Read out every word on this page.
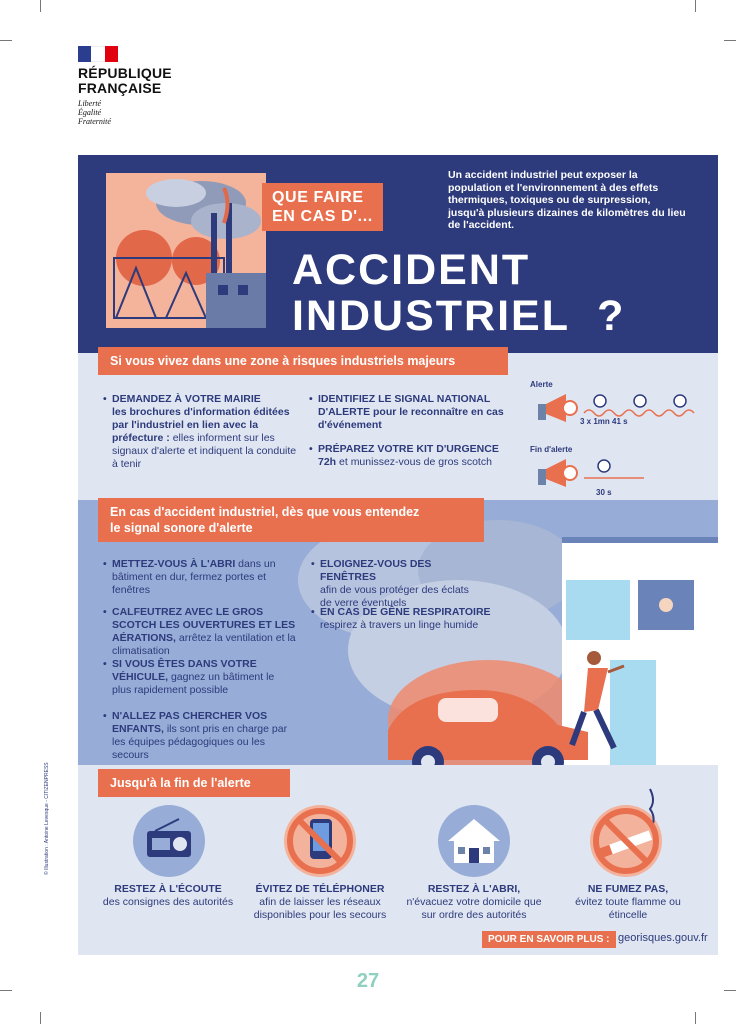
RÉPUBLIQUE
FRANÇAISE
Liberté
Égalité
Fraternité
QUE FAIRE
EN CAS D'...
ACCIDENT
INDUSTRIEL  ?
Un accident industriel peut exposer la population et l'environnement à des effets thermiques, toxiques ou de surpression, jusqu'à plusieurs dizaines de kilomètres du lieu de l'accident.
Si vous vivez dans une zone à risques industriels majeurs
• DEMANDEZ À VOTRE MAIRIE
les brochures d'information éditées par l'industriel en lien avec la préfecture : elles informent sur les signaux d'alerte et indiquent la conduite à tenir
• IDENTIFIEZ LE SIGNAL NATIONAL D'ALERTE pour le reconnaître en cas d'événement
• PRÉPAREZ VOTRE KIT D'URGENCE 72h et munissez-vous de gros scotch
Alerte
3 x 1mn 41 s
Fin d'alerte
30 s
En cas d'accident industriel, dès que vous entendez
le signal sonore d'alerte
• METTEZ-VOUS À L'ABRI dans un bâtiment en dur, fermez portes et fenêtres
• CALFEUTREZ AVEC LE GROS SCOTCH LES OUVERTURES ET LES AÉRATIONS, arrêtez la ventilation et la climatisation
• SI VOUS ÊTES DANS VOTRE VÉHICULE, gagnez un bâtiment le plus rapidement possible
• N'ALLEZ PAS CHERCHER VOS ENFANTS, ils sont pris en charge par les équipes pédagogiques ou les secours
• ELOIGNEZ-VOUS DES FENÊTRES
afin de vous protéger des éclats de verre éventuels
• EN CAS DE GÊNE RESPIRATOIRE
respirez à travers un linge humide
Jusqu'à la fin de l'alerte
RESTEZ À L'ÉCOUTE
des consignes des autorités
ÉVITEZ DE TÉLÉPHONER
afin de laisser les réseaux disponibles pour les secours
RESTEZ À L'ABRI,
n'évacuez votre domicile que sur ordre des autorités
NE FUMEZ PAS,
évitez toute flamme ou étincelle
POUR EN SAVOIR PLUS : georisques.gouv.fr
© Illustration : Antoine Levesque - CITIZENPRESS
27
